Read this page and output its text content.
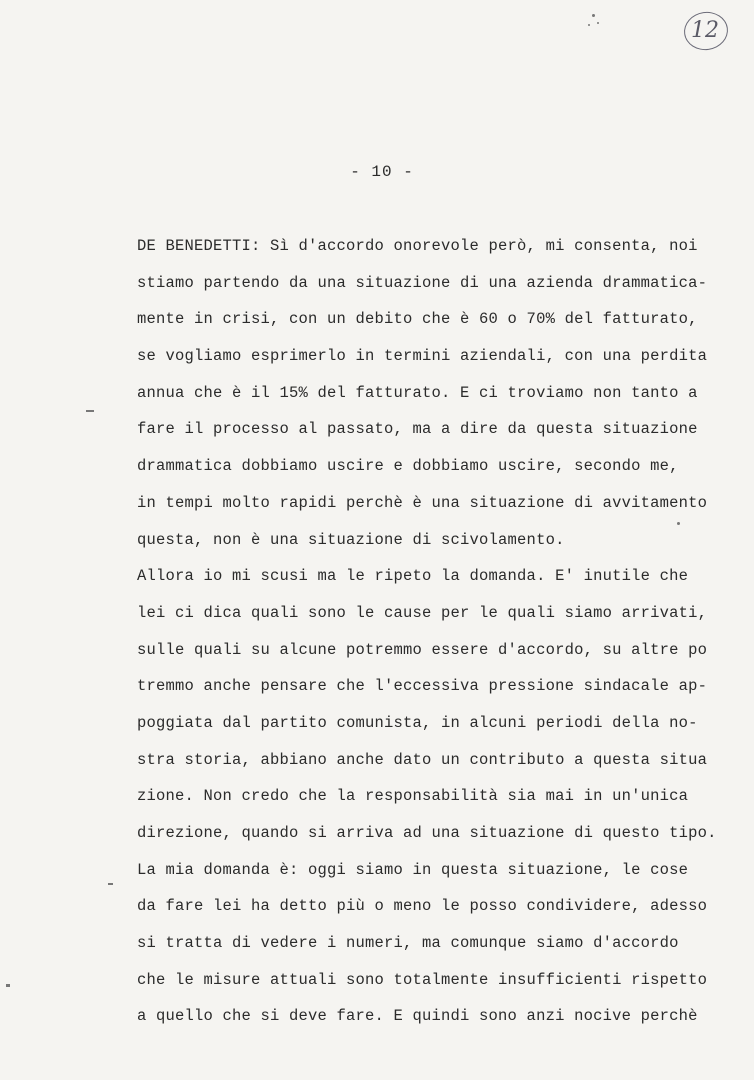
12
- 10 -
DE BENEDETTI: Sì d'accordo onorevole però, mi consenta, noi
stiamo partendo da una situazione di una azienda drammatica-
mente in crisi, con un debito che è 60 o 70% del fatturato,
se vogliamo esprimerlo in termini aziendali, con una perdita
annua che è il 15% del fatturato. E ci troviamo non tanto a
fare il processo al passato, ma a dire da questa situazione
drammatica dobbiamo uscire e dobbiamo uscire, secondo me,
in tempi molto rapidi perchè è una situazione di avvitamento
questa, non è una situazione di scivolamento.
Allora io mi scusi ma le ripeto la domanda. E' inutile che
lei ci dica quali sono le cause per le quali siamo arrivati,
sulle quali su alcune potremmo essere d'accordo, su altre po
tremmo anche pensare che l'eccessiva pressione sindacale ap-
poggiata dal partito comunista, in alcuni periodi della no-
stra storia, abbiano anche dato un contributo a questa situa
zione. Non credo che la responsabilità sia mai in un'unica
direzione, quando si arriva ad una situazione di questo tipo.
La mia domanda è: oggi siamo in questa situazione, le cose
da fare lei ha detto più o meno le posso condividere, adesso
si tratta di vedere i numeri, ma comunque siamo d'accordo
che le misure attuali sono totalmente insufficienti rispetto
a quello che si deve fare. E quindi sono anzi nocive perchè
